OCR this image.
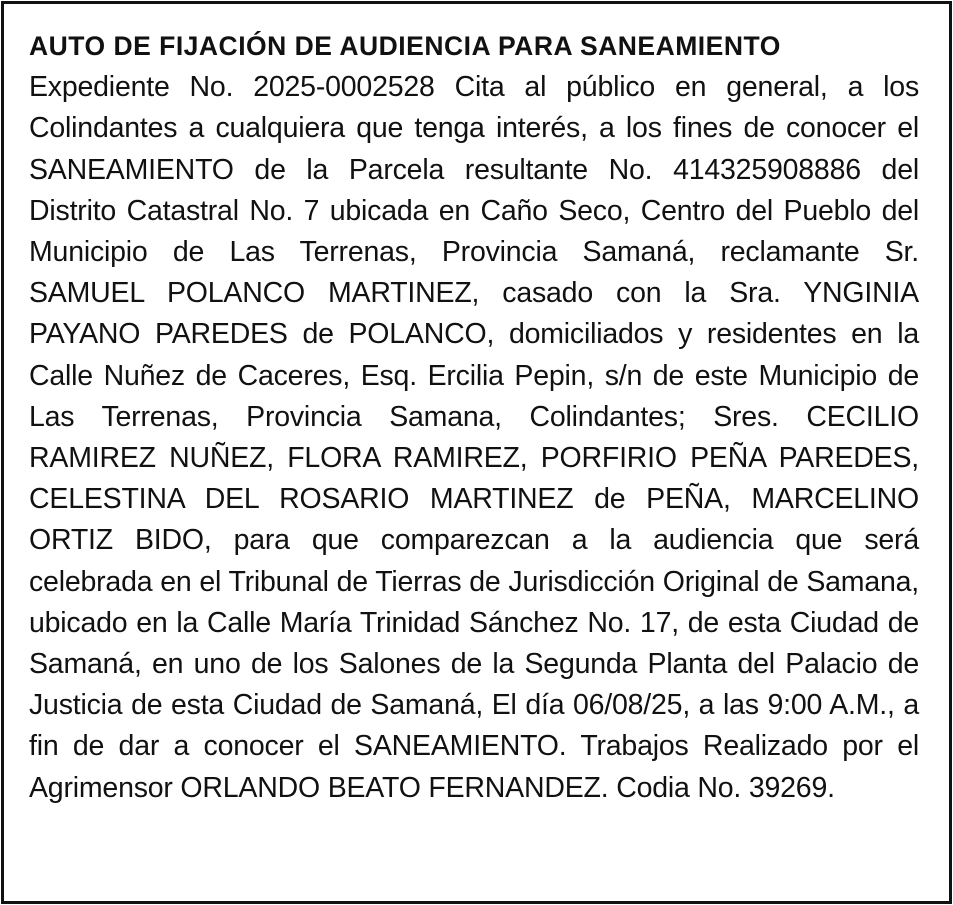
AUTO DE FIJACIÓN DE AUDIENCIA PARA SANEAMIENTO
Expediente No. 2025-0002528 Cita al público en general, a los Colindantes a cualquiera que tenga interés, a los fines de conocer el SANEAMIENTO de la Parcela resultante No. 414325908886 del Distrito Catastral No. 7 ubicada en Caño Seco, Centro del Pueblo del Municipio de Las Terrenas, Provincia Samaná, reclamante Sr. SAMUEL POLANCO MARTINEZ, casado con la Sra. YNGINIA PAYANO PAREDES de POLANCO, domiciliados y residentes en la Calle Nuñez de Caceres, Esq. Ercilia Pepin, s/n de este Municipio de Las Terrenas, Provincia Samana, Colindantes; Sres. CECILIO RAMIREZ NUÑEZ, FLORA RAMIREZ, PORFIRIO PEÑA PAREDES, CELESTINA DEL ROSARIO MARTINEZ de PEÑA, MARCELINO ORTIZ BIDO, para que comparezcan a la audiencia que será celebrada en el Tribunal de Tierras de Jurisdicción Original de Samana, ubicado en la Calle María Trinidad Sánchez No. 17, de esta Ciudad de Samaná, en uno de los Salones de la Segunda Planta del Palacio de Justicia de esta Ciudad de Samaná, El día 06/08/25, a las 9:00 A.M., a fin de dar a conocer el SANEAMIENTO. Trabajos Realizado por el Agrimensor ORLANDO BEATO FERNANDEZ. Codia No. 39269.
